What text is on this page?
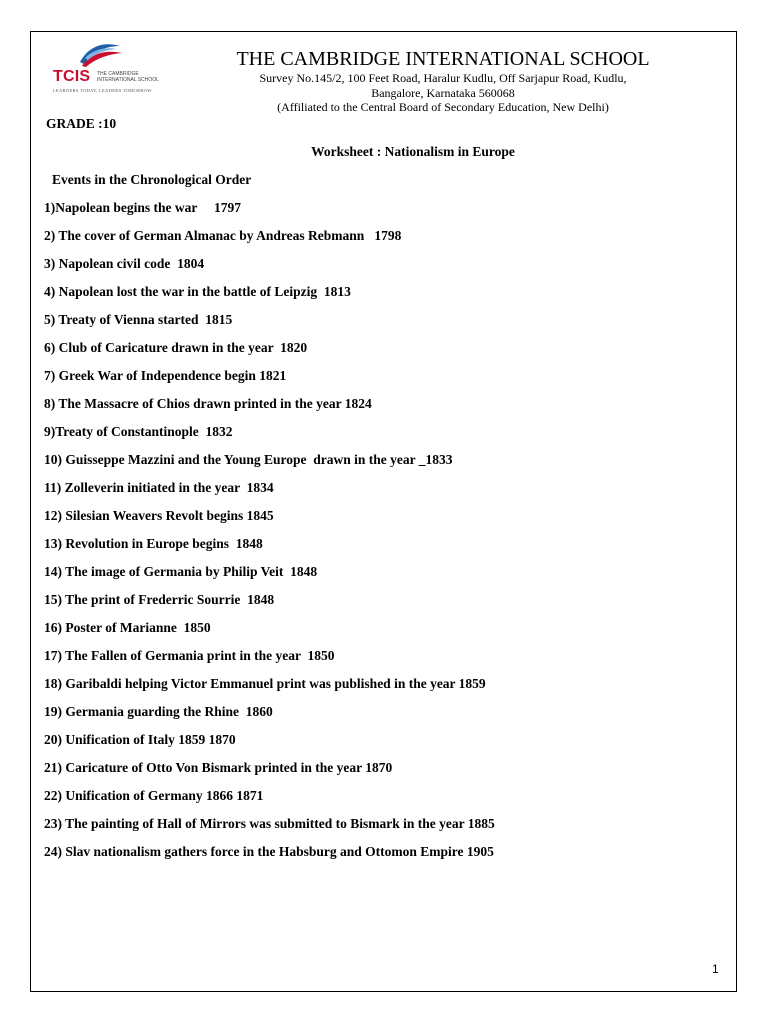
TCIS THE CAMBRIDGE
INTERNATIONAL SCHOOL
LEARNERS TODAY, LEADERS TOMORROW
THE CAMBRIDGE INTERNATIONAL SCHOOL
Survey No.145/2, 100 Feet Road, Haralur Kudlu, Off Sarjapur Road, Kudlu,
Bangalore, Karnataka 560068
(Affiliated to the Central Board of Secondary Education, New Delhi)
GRADE :10
Worksheet : Nationalism in Europe
Events in the Chronological Order
1)Napolean begins the war     1797
2) The cover of German Almanac by Andreas Rebmann   1798
3) Napolean civil code  1804
4) Napolean lost the war in the battle of Leipzig  1813
5) Treaty of Vienna started  1815
6) Club of Caricature drawn in the year  1820
7) Greek War of Independence begin 1821
8) The Massacre of Chios drawn printed in the year 1824
9)Treaty of Constantinople  1832
10) Guisseppe Mazzini and the Young Europe  drawn in the year _1833
11) Zolleverin initiated in the year  1834
12) Silesian Weavers Revolt begins 1845
13) Revolution in Europe begins  1848
14) The image of Germania by Philip Veit  1848
15) The print of Frederric Sourrie  1848
16) Poster of Marianne  1850
17) The Fallen of Germania print in the year  1850
18) Garibaldi helping Victor Emmanuel print was published in the year 1859
19) Germania guarding the Rhine  1860
20) Unification of Italy 1859 1870
21) Caricature of Otto Von Bismark printed in the year 1870
22) Unification of Germany 1866 1871
23) The painting of Hall of Mirrors was submitted to Bismark in the year 1885
24) Slav nationalism gathers force in the Habsburg and Ottomon Empire 1905
1
